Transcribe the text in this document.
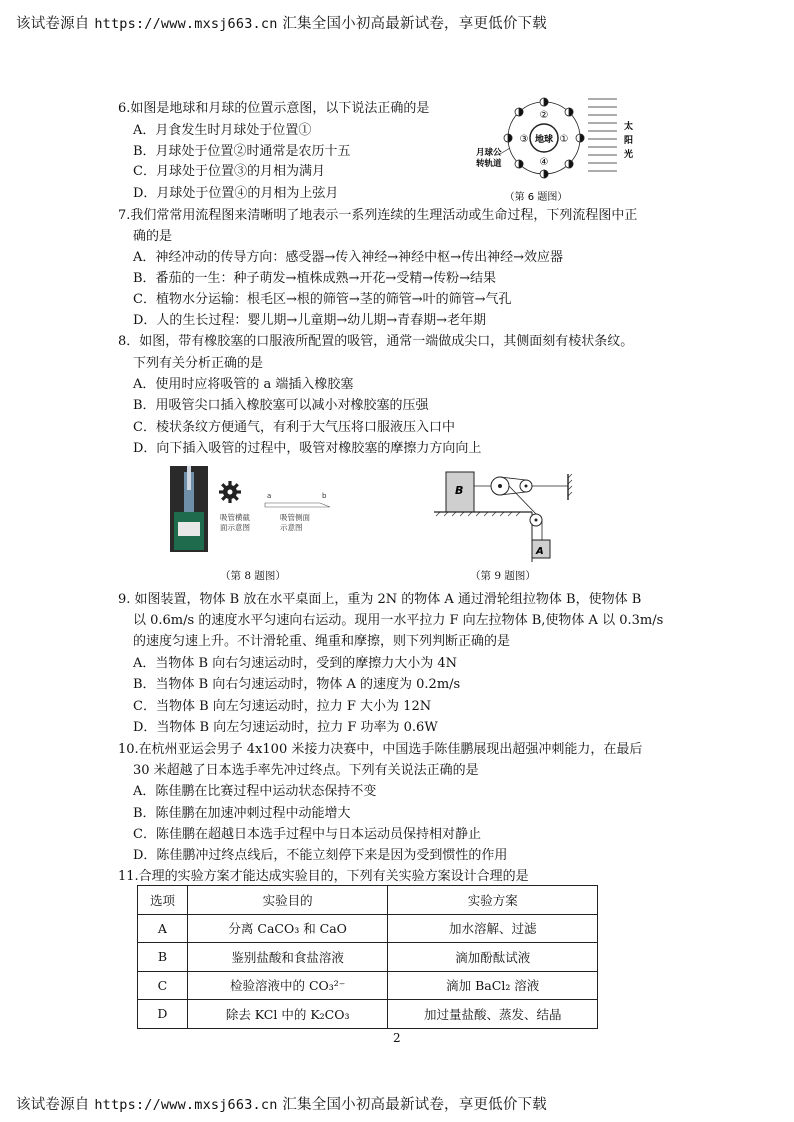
该试卷源自 https://www.mxsj663.cn 汇集全国小初高最新试卷，享更低价下载
6.如图是地球和月球的位置示意图，以下说法正确的是
A．月食发生时月球处于位置①
B．月球处于位置②时通常是农历十五
C．月球处于位置③的月相为满月
D．月球处于位置④的月相为上弦月
地球
②
①
④
③
月球公
转轨道
太
阳
光
（第 6 题图）
7.我们常常用流程图来清晰明了地表示一系列连续的生理活动或生命过程，下列流程图中正
确的是
A．神经冲动的传导方向：感受器→传入神经→神经中枢→传出神经→效应器
B．番茄的一生：种子萌发→植株成熟→开花→受精→传粉→结果
C．植物水分运输：根毛区→根的筛管→茎的筛管→叶的筛管→气孔
D．人的生长过程：婴儿期→儿童期→幼儿期→青春期→老年期
8．如图，带有橡胶塞的口服液所配置的吸管，通常一端做成尖口，其侧面刻有棱状条纹。
下列有关分析正确的是
A．使用时应将吸管的 a 端插入橡胶塞
B．用吸管尖口插入橡胶塞可以减小对橡胶塞的压强
C．棱状条纹方便通气，有利于大气压将口服液压入口中
D．向下插入吸管的过程中，吸管对橡胶塞的摩擦力方向向上
吸管横截
面示意图
a	b
吸管侧面
示意图
（第 8 题图）
B
A
（第 9 题图）
9. 如图装置，物体 B 放在水平桌面上，重为 2N 的物体 A 通过滑轮组拉物体 B，使物体 B
以 0.6m/s 的速度水平匀速向右运动。现用一水平拉力 F 向左拉物体 B,使物体 A 以 0.3m/s
的速度匀速上升。不计滑轮重、绳重和摩擦，则下列判断正确的是
A．当物体 B 向右匀速运动时，受到的摩擦力大小为 4N
B．当物体 B 向右匀速运动时，物体 A 的速度为 0.2m/s
C．当物体 B 向左匀速运动时，拉力 F 大小为 12N
D．当物体 B 向左匀速运动时，拉力 F 功率为 0.6W
10.在杭州亚运会男子 4x100 米接力决赛中，中国选手陈佳鹏展现出超强冲刺能力，在最后
30 米超越了日本选手率先冲过终点。下列有关说法正确的是
A．陈佳鹏在比赛过程中运动状态保持不变
B．陈佳鹏在加速冲刺过程中动能增大
C．陈佳鹏在超越日本选手过程中与日本运动员保持相对静止
D．陈佳鹏冲过终点线后，不能立刻停下来是因为受到惯性的作用
11.合理的实验方案才能达成实验目的，下列有关实验方案设计合理的是
选项	实验目的	实验方案
A	分离 CaCO₃ 和 CaO	加水溶解、过滤
B	鉴别盐酸和食盐溶液	滴加酚酞试液
C	检验溶液中的 CO₃²⁻	滴加 BaCl₂ 溶液
D	除去 KCl 中的 K₂CO₃	加过量盐酸、蒸发、结晶
2
该试卷源自 https://www.mxsj663.cn 汇集全国小初高最新试卷，享更低价下载
